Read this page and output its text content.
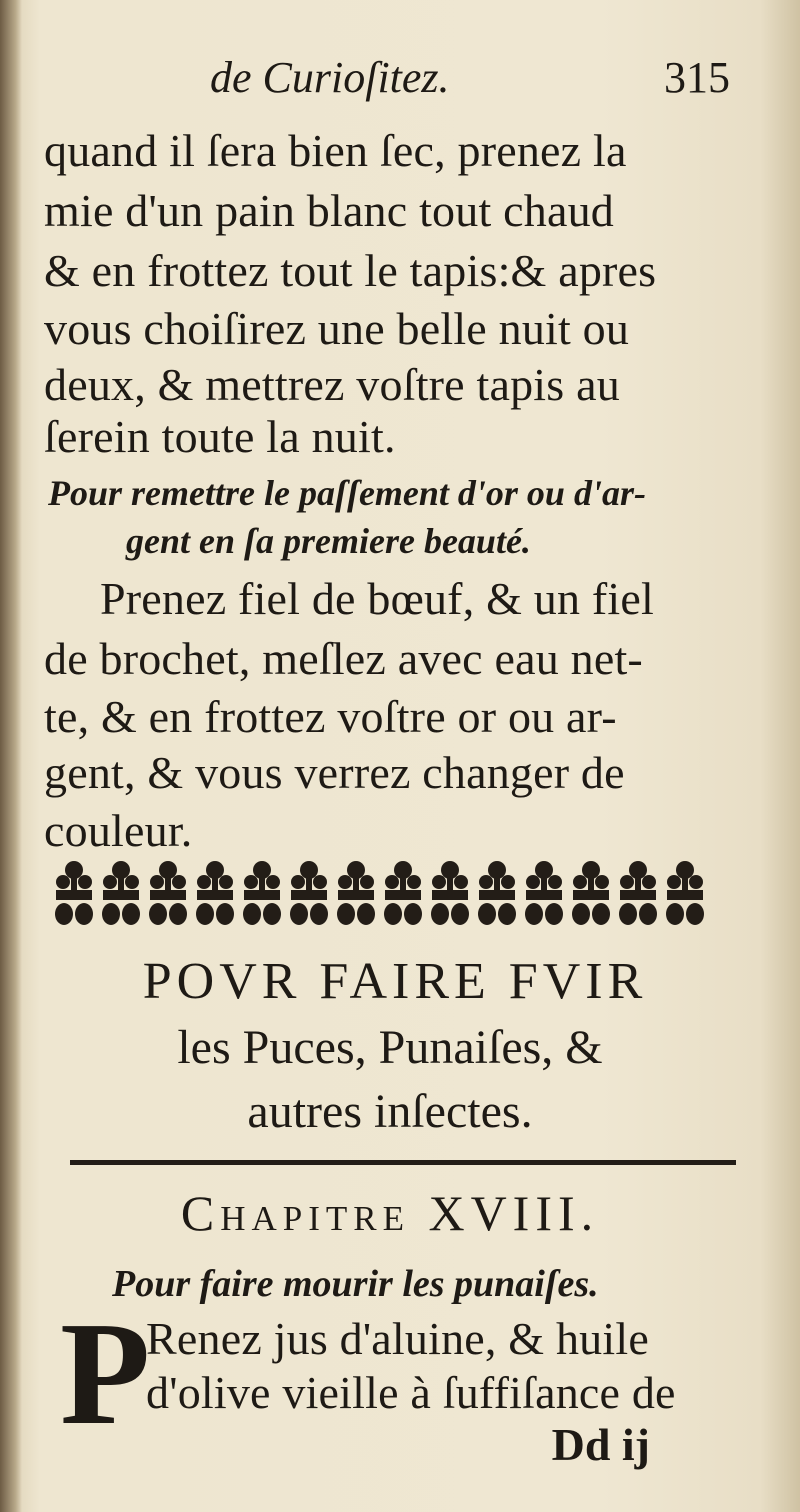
de Curioſitez.	315
quand il ſera bien ſec, prenez la
mie d'un pain blanc tout chaud
& en frottez tout le tapis:& apres
vous choiſirez une belle nuit ou
deux, & mettrez voſtre tapis au
ſerein toute la nuit.
Pour remettre le paſſement d'or ou d'ar-
gent en ſa premiere beauté.
Prenez fiel de bœuf, & un fiel
de brochet, meſlez avec eau net-
te, & en frottez voſtre or ou ar-
gent, & vous verrez changer de
couleur.
POVR FAIRE FVIR
les Puces, Punaiſes, &
autres inſectes.
Chapitre XVIII.
Pour faire mourir les punaiſes.
P
Renez jus d'aluine, & huile
d'olive vieille à ſuffiſance de
Dd ij
